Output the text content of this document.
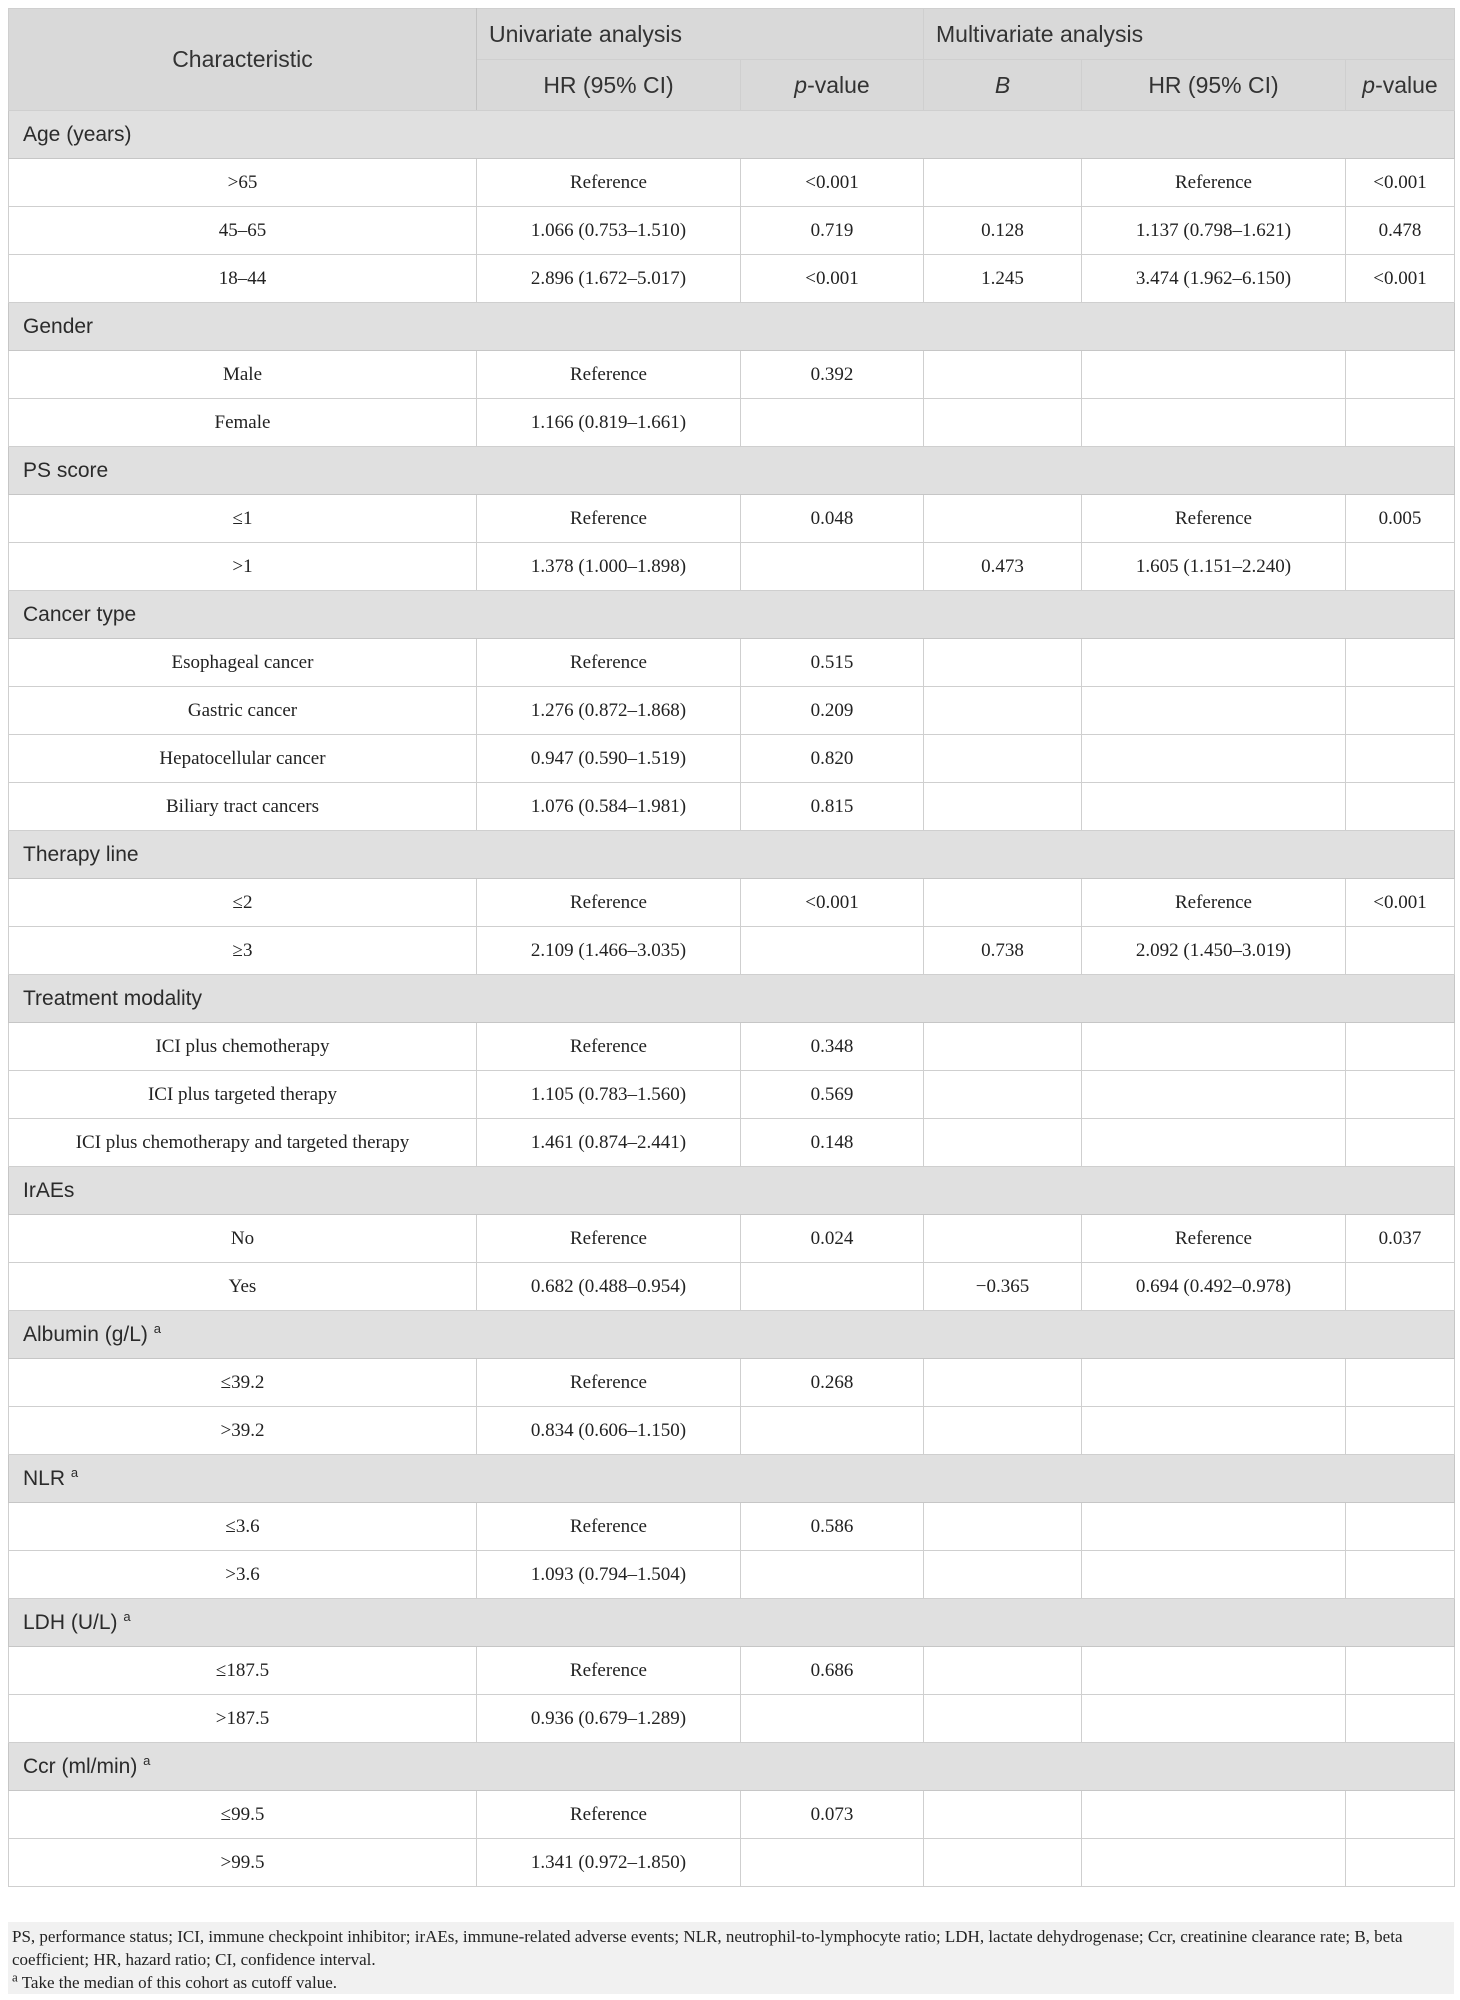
Characteristic	Univariate analysis		Multivariate analysis		
	HR (95% CI)	p-value	B	HR (95% CI)	p-value
Age (years)					
>65	Reference	<0.001		Reference	<0.001
45–65	1.066 (0.753–1.510)	0.719	0.128	1.137 (0.798–1.621)	0.478
18–44	2.896 (1.672–5.017)	<0.001	1.245	3.474 (1.962–6.150)	<0.001
Gender					
Male	Reference	0.392			
Female	1.166 (0.819–1.661)				
PS score					
≤1	Reference	0.048		Reference	0.005
>1	1.378 (1.000–1.898)		0.473	1.605 (1.151–2.240)	
Cancer type					
Esophageal cancer	Reference	0.515			
Gastric cancer	1.276 (0.872–1.868)	0.209			
Hepatocellular cancer	0.947 (0.590–1.519)	0.820			
Biliary tract cancers	1.076 (0.584–1.981)	0.815			
Therapy line					
≤2	Reference	<0.001		Reference	<0.001
≥3	2.109 (1.466–3.035)		0.738	2.092 (1.450–3.019)	
Treatment modality					
ICI plus chemotherapy	Reference	0.348			
ICI plus targeted therapy	1.105 (0.783–1.560)	0.569			
ICI plus chemotherapy and targeted therapy	1.461 (0.874–2.441)	0.148			
IrAEs					
No	Reference	0.024		Reference	0.037
Yes	0.682 (0.488–0.954)		−0.365	0.694 (0.492–0.978)	
Albumin (g/L) $^a$
≤39.2	Reference	0.268			
>39.2	0.834 (0.606–1.150)				
NLR $^a$
≤3.6	Reference	0.586			
>3.6	1.093 (0.794–1.504)				
LDH (U/L) $^a$
≤187.5	Reference	0.686			
>187.5	0.936 (0.679–1.289)				
Ccr (ml/min) $^a$
≤99.5	Reference	0.073			
>99.5	1.341 (0.972–1.850)				

PS, performance status; ICI, immune checkpoint inhibitor; irAEs, immune-related adverse events; NLR, neutrophil-to-lymphocyte ratio; LDH, lactate dehydrogenase; Ccr, creatinine clearance rate; B, beta coefficient; HR, hazard ratio; CI, confidence interval.

$^a$ Take the median of this cohort as cutoff value.
